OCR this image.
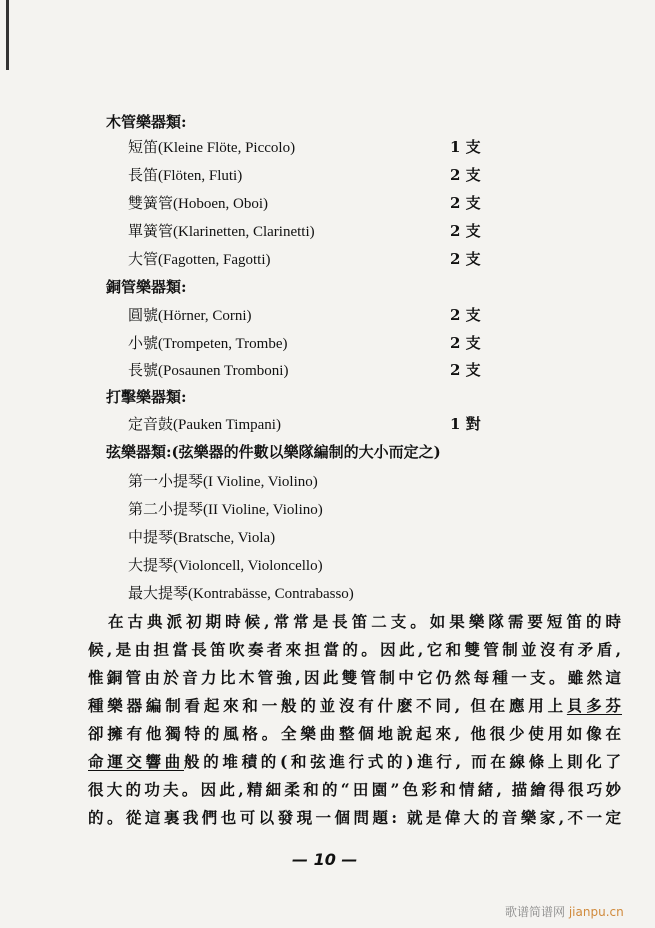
木管樂器類:
短笛(Kleine Flöte, Piccolo)	1 支
長笛(Flöten, Fluti)	2 支
雙簧管(Hoboen, Oboi)	2 支
單簧管(Klarinetten, Clarinetti)	2 支
大管(Fagotten, Fagotti)	2 支
銅管樂器類:
圓號(Hörner, Corni)	2 支
小號(Trompeten, Trombe)	2 支
長號(Posaunen Tromboni)	2 支
打擊樂器類:
定音鼓(Pauken Timpani)	1 對
弦樂器類:(弦樂器的件數以樂隊編制的大小而定之)
第一小提琴(I Violine, Violino)
第二小提琴(II Violine, Violino)
中提琴(Bratsche, Viola)
大提琴(Violoncell, Violoncello)
最大提琴(Kontrabässe, Contrabasso)
在古典派初期時候,常常是長笛二支。如果樂隊需要短笛的時
候,是由担當長笛吹奏者來担當的。因此,它和雙管制並沒有矛盾,
惟銅管由於音力比木管強,因此雙管制中它仍然每種一支。雖然這
種樂器編制看起來和一般的並沒有什麽不同, 但在應用上貝多芬
卻擁有他獨特的風格。全樂曲整個地說起來, 他很少使用如像在
命運交響曲般的堆積的(和弦進行式的)進行, 而在線條上則化了
很大的功夫。因此,精細柔和的“田園”色彩和情緒, 描繪得很巧妙
的。從這裏我們也可以發現一個問題: 就是偉大的音樂家,不一定
— 10 —
歌谱简谱网 jianpu.cn
